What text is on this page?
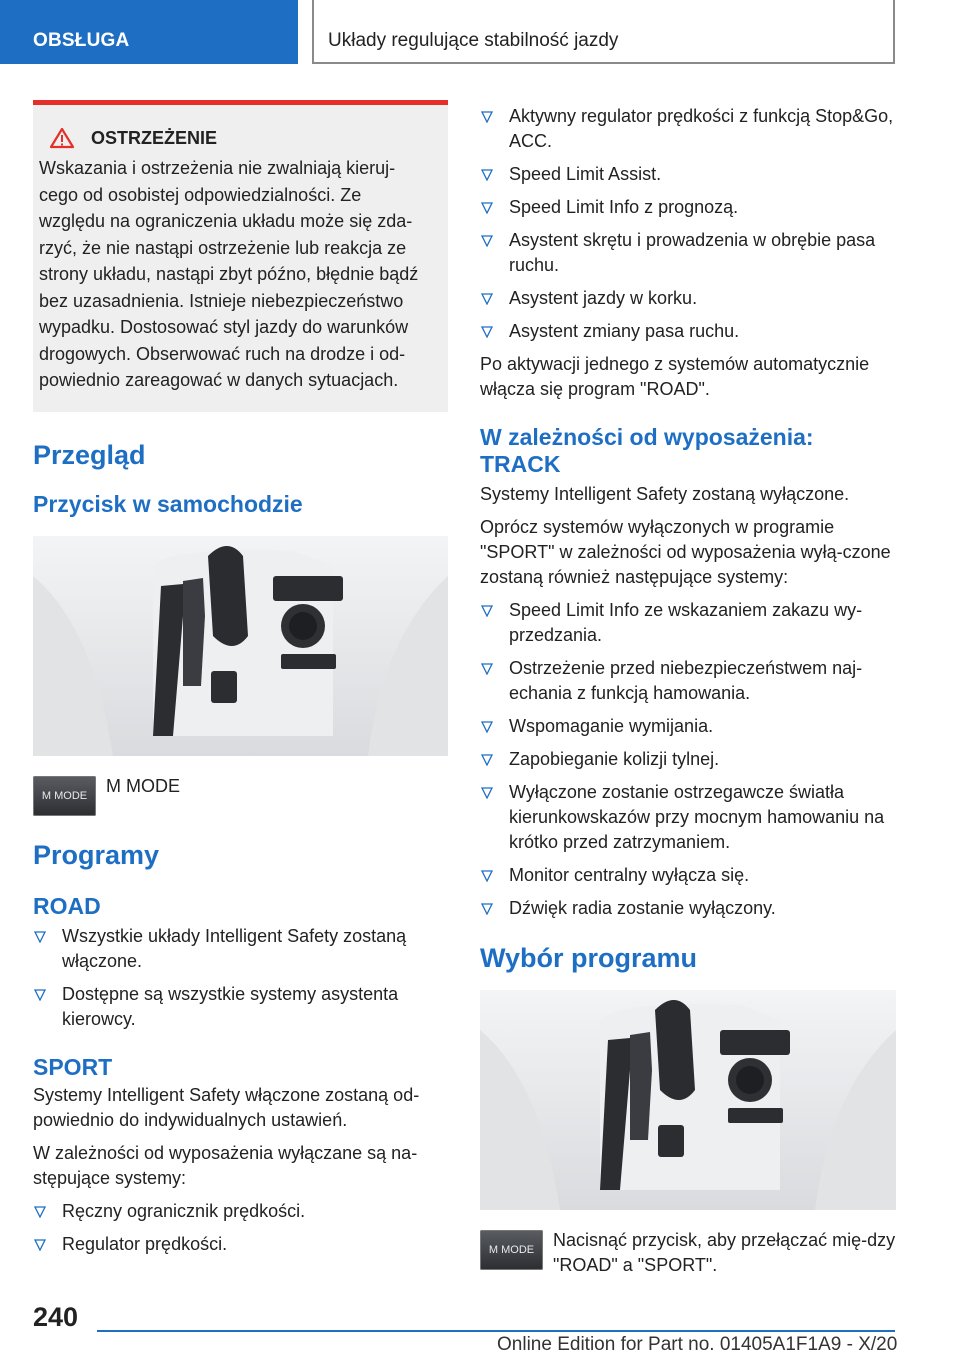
OBSŁUGA	Układy regulujące stabilność jazdy
OSTRZEŻENIE
Wskazania i ostrzeżenia nie zwalniają kieruj-
cego od osobistej odpowiedzialności. Ze
względu na ograniczenia układu może się zda-
rzyć, że nie nastąpi ostrzeżenie lub reakcja ze
strony układu, nastąpi zbyt późno, błędnie bądź
bez uzasadnienia. Istnieje niebezpieczeństwo
wypadku. Dostosować styl jazdy do warunków
drogowych. Obserwować ruch na drodze i od-
powiednio zareagować w danych sytuacjach.
Przegląd
Przycisk w samochodzie
M MODE	M MODE

Programy
ROAD
Wszystkie układy Intelligent Safety zostaną włączone.
Dostępne są wszystkie systemy asystenta kierowcy.
SPORT

Systemy Intelligent Safety włączone zostaną od-powiednio do indywidualnych ustawień.

W zależności od wyposażenia wyłączane są na-stępujące systemy:

Ręczny ogranicznik prędkości.
Regulator prędkości.
Aktywny regulator prędkości z funkcją Stop&Go, ACC.
Speed Limit Assist.
Speed Limit Info z prognozą.
Asystent skrętu i prowadzenia w obrębie pasa ruchu.
Asystent jazdy w korku.
Asystent zmiany pasa ruchu.

Po aktywacji jednego z systemów automatycznie włącza się program "ROAD".

W zależności od wyposażenia:
TRACK

Systemy Intelligent Safety zostaną wyłączone.

Oprócz systemów wyłączonych w programie "SPORT" w zależności od wyposażenia wyłą-czone zostaną również następujące systemy:

Speed Limit Info ze wskazaniem zakazu wy-przedzania.
Ostrzeżenie przed niebezpieczeństwem naj-echania z funkcją hamowania.
Wspomaganie wymijania.
Zapobieganie kolizji tylnej.
Wyłączone zostanie ostrzegawcze światła kierunkowskazów przy mocnym hamowaniu na krótko przed zatrzymaniem.
Monitor centralny wyłącza się.
Dźwięk radia zostanie wyłączony.
Wybór programu
M MODE	Nacisnąć przycisk, aby przełączać mię-dzy "ROAD" a "SPORT".

240
Online Edition for Part no. 01405A1F1A9 - X/20
